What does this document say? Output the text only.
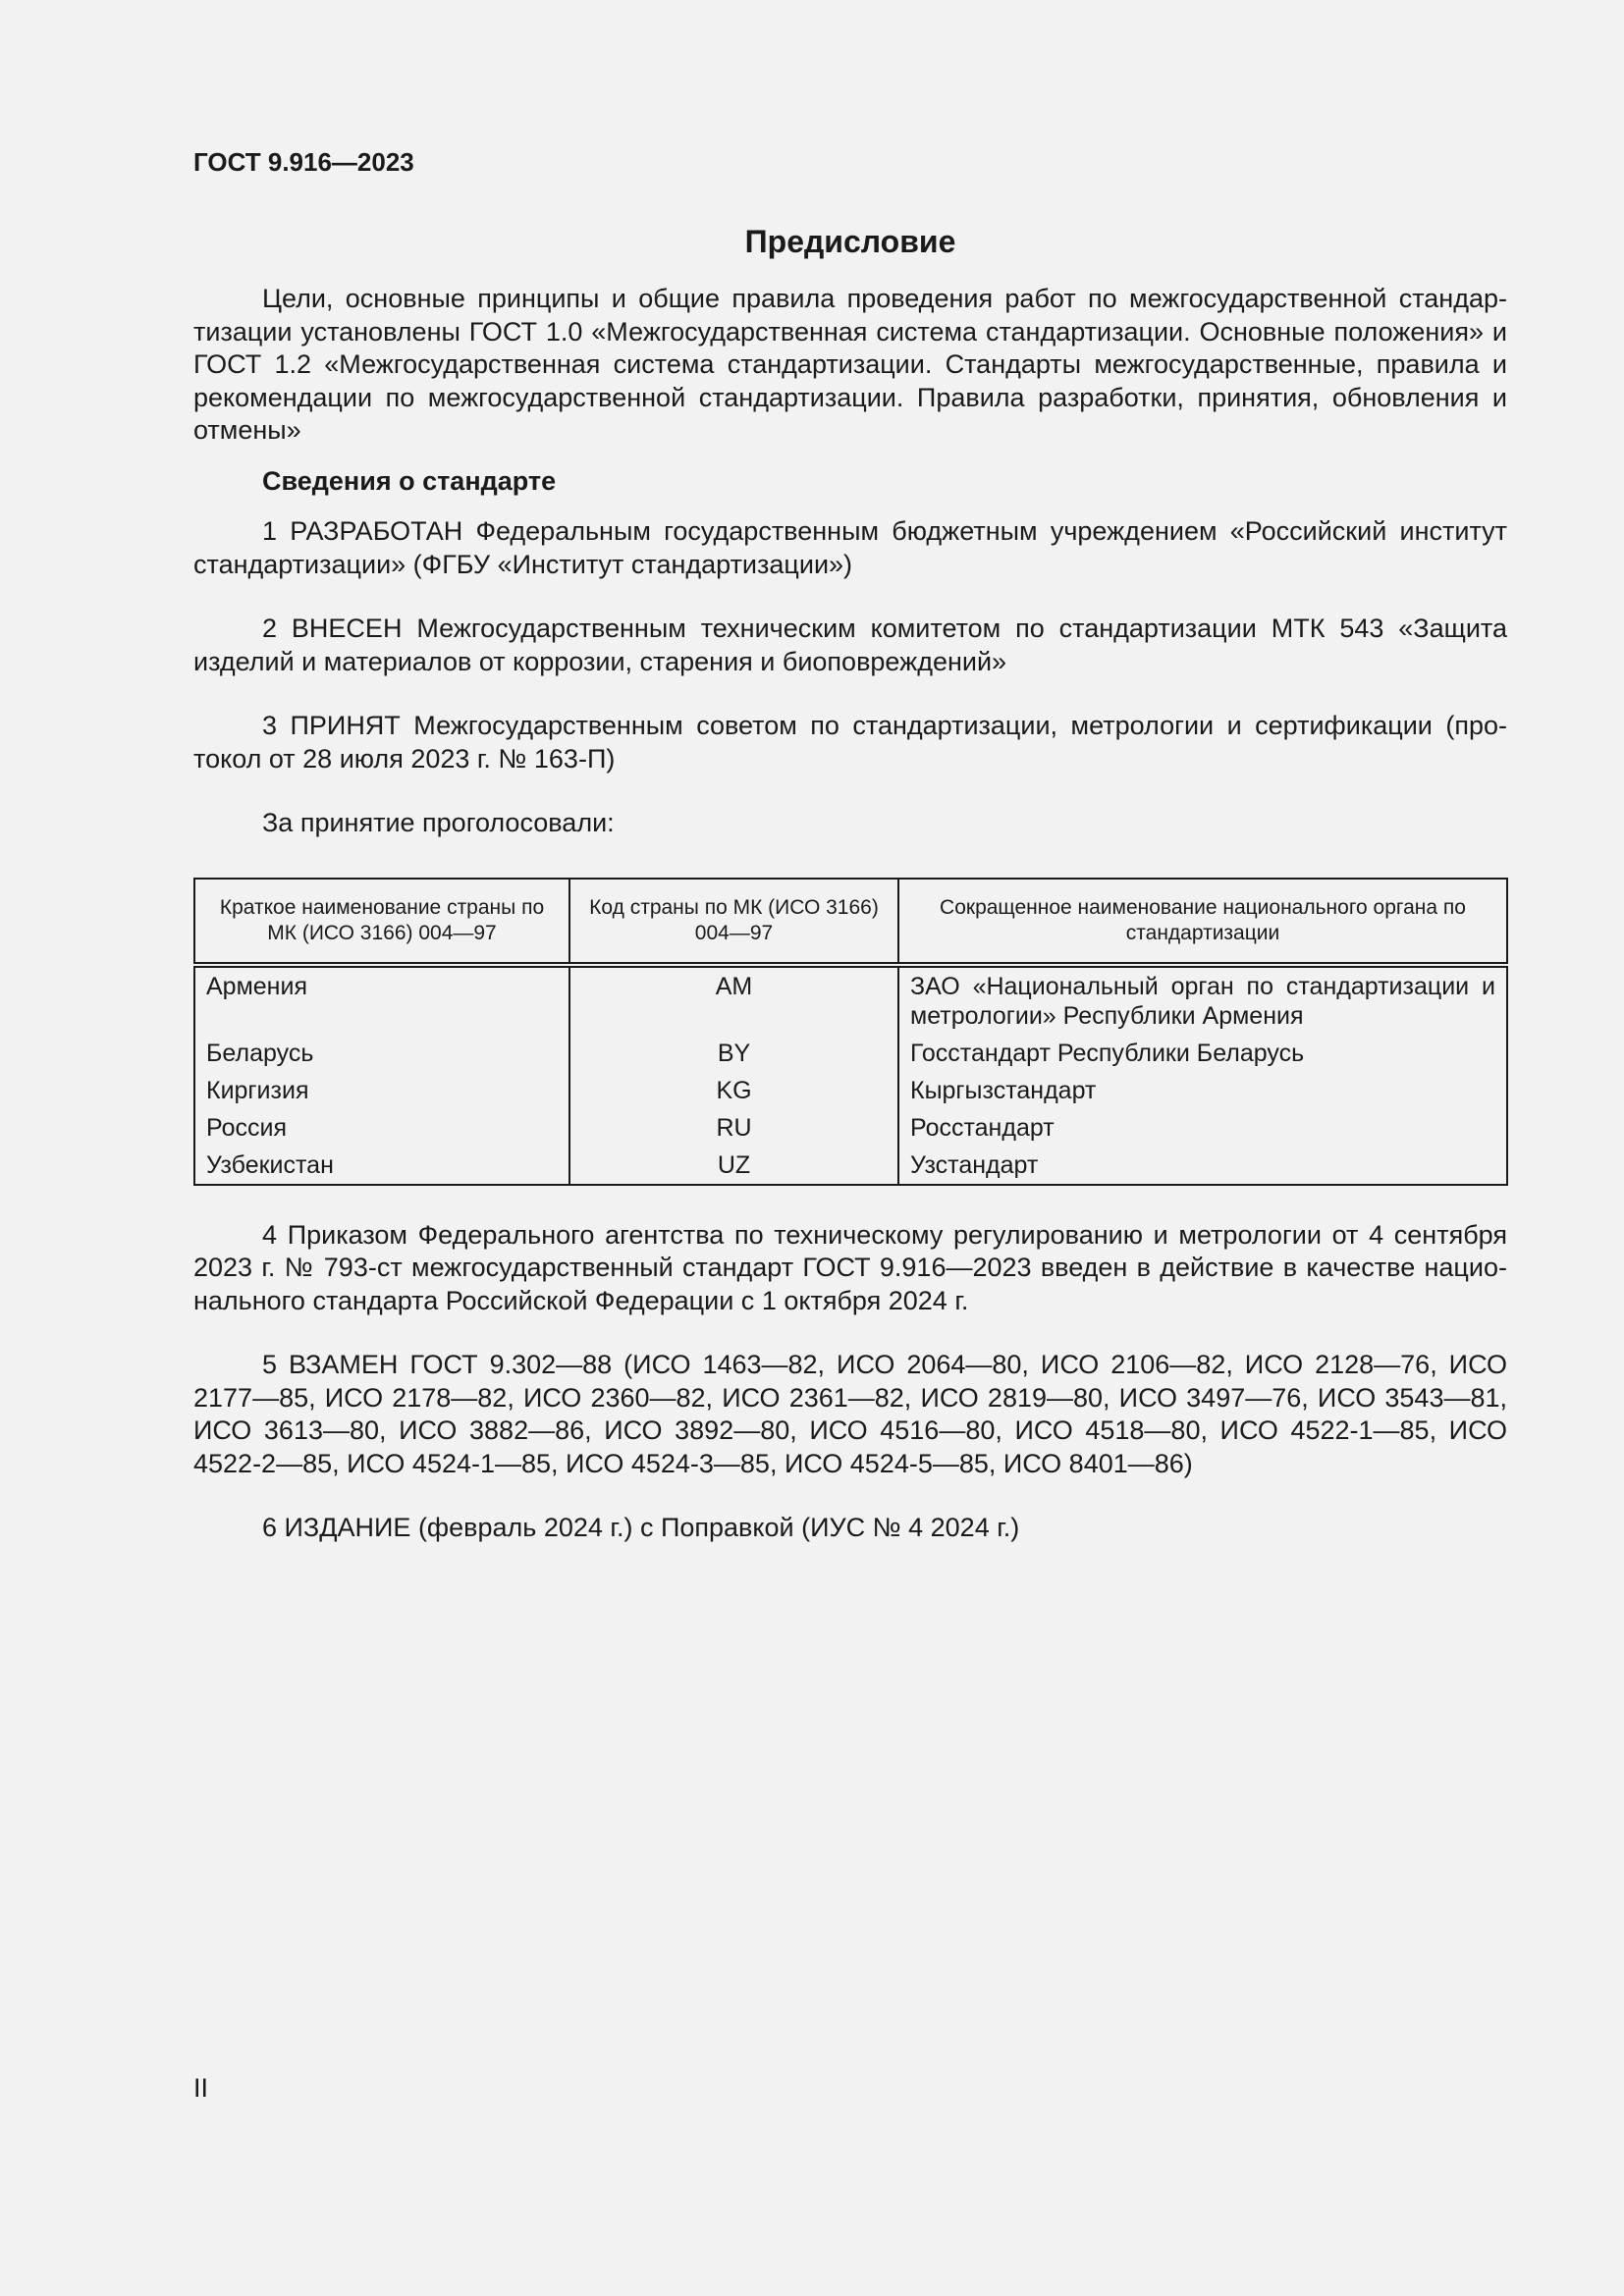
ГОСТ 9.916—2023

Предисловие

Цели, основные принципы и общие правила проведения работ по межгосударственной стандартизации установлены ГОСТ 1.0 «Межгосударственная система стандартизации. Основные положения» и ГОСТ 1.2 «Межгосударственная система стандартизации. Стандарты межгосударственные, правила и рекомендации по межгосударственной стандартизации. Правила разработки, принятия, обновления и отмены»

Сведения о стандарте

1 РАЗРАБОТАН Федеральным государственным бюджетным учреждением «Российский институт стандартизации» (ФГБУ «Институт стандартизации»)

2 ВНЕСЕН Межгосударственным техническим комитетом по стандартизации МТК 543 «Защита изделий и материалов от коррозии, старения и биоповреждений»

3 ПРИНЯТ Межгосударственным советом по стандартизации, метрологии и сертификации (протокол от 28 июля 2023 г. № 163-П)

За принятие проголосовали:

Краткое наименование страны по МК (ИСО 3166) 004—97	Код страны по МК (ИСО 3166) 004—97	Сокращенное наименование национального органа по стандартизации
Армения	AM	ЗАО «Национальный орган по стандартизации и метрологии» Республики Армения
Беларусь	BY	Госстандарт Республики Беларусь
Киргизия	KG	Кыргызстандарт
Россия	RU	Росстандарт
Узбекистан	UZ	Узстандарт

4 Приказом Федерального агентства по техническому регулированию и метрологии от 4 сентября 2023 г. № 793-ст межгосударственный стандарт ГОСТ 9.916—2023 введен в действие в качестве национального стандарта Российской Федерации с 1 октября 2024 г.

5 ВЗАМЕН ГОСТ 9.302—88 (ИСО 1463—82, ИСО 2064—80, ИСО 2106—82, ИСО 2128—76, ИСО 2177—85, ИСО 2178—82, ИСО 2360—82, ИСО 2361—82, ИСО 2819—80, ИСО 3497—76, ИСО 3543—81, ИСО 3613—80, ИСО 3882—86, ИСО 3892—80, ИСО 4516—80, ИСО 4518—80, ИСО 4522-1—85, ИСО 4522-2—85, ИСО 4524-1—85, ИСО 4524-3—85, ИСО 4524-5—85, ИСО 8401—86)

6 ИЗДАНИЕ (февраль 2024 г.) с Поправкой (ИУС № 4 2024 г.)

II
